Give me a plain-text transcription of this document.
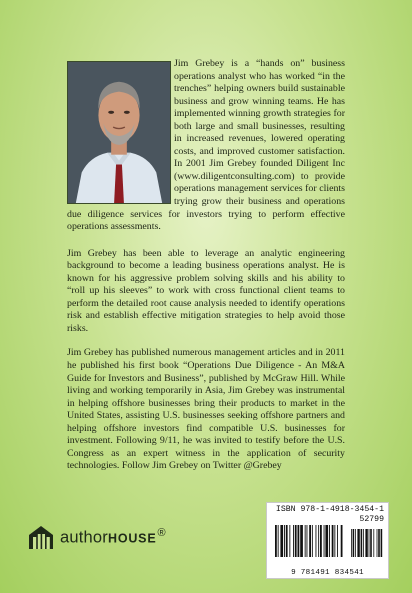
Jim Grebey is a “hands on” business operations analyst who has worked “in the trenches” helping owners build sustainable business and grow winning teams. He has implemented winning growth strategies for both large and small businesses, resulting in increased revenues, lowered operating costs, and improved customer satisfaction. In 2001 Jim Grebey founded Diligent Inc (www.diligentconsulting.com) to provide operations management services for clients trying grow their business and operations due diligence services for investors trying to perform effective operations assessments.

Jim Grebey has been able to leverage an analytic engineering background to become a leading business operations analyst. He is known for his aggressive problem solving skills and his ability to “roll up his sleeves” to work with cross functional client teams to perform the detailed root cause analysis needed to identify operations risk and establish effective mitigation strategies to help avoid those risks.

Jim Grebey has published numerous management articles and in 2011 he published his first book “Operations Due Diligence - An M&A Guide for Investors and Business”, published by McGraw Hill. While living and working temporarily in Asia, Jim Grebey was instrumental in helping offshore businesses bring their products to market in the United States, assisting U.S. businesses seeking offshore partners and helping offshore investors find compatible U.S. businesses for investment. Following 9/11, he was invited to testify before the U.S. Congress as an expert witness in the application of security technologies. Follow Jim Grebey on Twitter @Grebey

authorHOUSE®
ISBN 978-1-4918-3454-1
52799
9 781491 834541
